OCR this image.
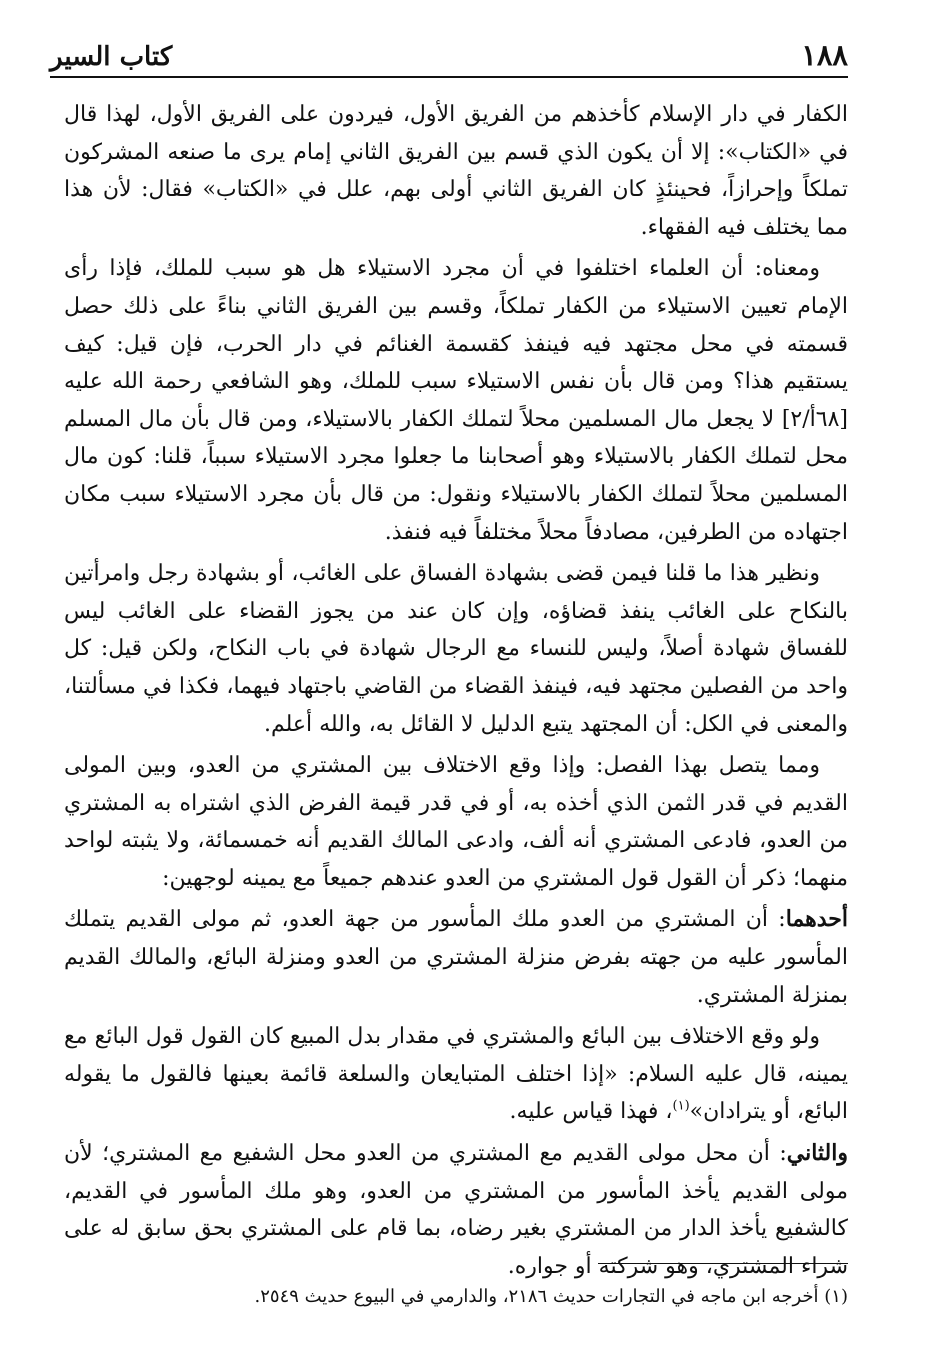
١٨٨
كتاب السير

الكفار في دار الإسلام كأخذهم من الفريق الأول، فيردون على الفريق الأول، لهذا قال في «الكتاب»: إلا أن يكون الذي قسم بين الفريق الثاني إمام يرى ما صنعه المشركون تملكاً وإحرازاً، فحينئذٍ كان الفريق الثاني أولى بهم، علل في «الكتاب» فقال: لأن هذا مما يختلف فيه الفقهاء.

ومعناه: أن العلماء اختلفوا في أن مجرد الاستيلاء هل هو سبب للملك، فإذا رأى الإمام تعيين الاستيلاء من الكفار تملكاً، وقسم بين الفريق الثاني بناءً على ذلك حصل قسمته في محل مجتهد فيه فينفذ كقسمة الغنائم في دار الحرب، فإن قيل: كيف يستقيم هذا؟ ومن قال بأن نفس الاستيلاء سبب للملك، وهو الشافعي رحمة الله عليه [٦٨أ/٢] لا يجعل مال المسلمين محلاً لتملك الكفار بالاستيلاء، ومن قال بأن مال المسلم محل لتملك الكفار بالاستيلاء وهو أصحابنا ما جعلوا مجرد الاستيلاء سبباً، قلنا: كون مال المسلمين محلاً لتملك الكفار بالاستيلاء ونقول: من قال بأن مجرد الاستيلاء سبب مكان اجتهاده من الطرفين، مصادفاً محلاً مختلفاً فيه فنفذ.

ونظير هذا ما قلنا فيمن قضى بشهادة الفساق على الغائب، أو بشهادة رجل وامرأتين بالنكاح على الغائب ينفذ قضاؤه، وإن كان عند من يجوز القضاء على الغائب ليس للفساق شهادة أصلاً، وليس للنساء مع الرجال شهادة في باب النكاح، ولكن قيل: كل واحد من الفصلين مجتهد فيه، فينفذ القضاء من القاضي باجتهاد فيهما، فكذا في مسألتنا، والمعنى في الكل: أن المجتهد يتبع الدليل لا القائل به، والله أعلم.

ومما يتصل بهذا الفصل: وإذا وقع الاختلاف بين المشتري من العدو، وبين المولى القديم في قدر الثمن الذي أخذه به، أو في قدر قيمة الفرض الذي اشتراه به المشتري من العدو، فادعى المشتري أنه ألف، وادعى المالك القديم أنه خمسمائة، ولا يثبته لواحد منهما؛ ذكر أن القول قول المشتري من العدو عندهم جميعاً مع يمينه لوجهين:

أحدهما: أن المشتري من العدو ملك المأسور من جهة العدو، ثم مولى القديم يتملك المأسور عليه من جهته بفرض منزلة المشتري من العدو ومنزلة البائع، والمالك القديم بمنزلة المشتري.

ولو وقع الاختلاف بين البائع والمشتري في مقدار بدل المبيع كان القول قول البائع مع يمينه، قال عليه السلام: «إذا اختلف المتبايعان والسلعة قائمة بعينها فالقول ما يقوله البائع، أو يترادان»$^{(١)}$، فهذا قياس عليه.

والثاني: أن محل مولى القديم مع المشتري من العدو محل الشفيع مع المشتري؛ لأن مولى القديم يأخذ المأسور من المشتري من العدو، وهو ملك المأسور في القديم، كالشفيع يأخذ الدار من المشتري بغير رضاه، بما قام على المشتري بحق سابق له على شراء المشتري، وهو شركته أو جواره.

(١) أخرجه ابن ماجه في التجارات حديث ٢١٨٦، والدارمي في البيوع حديث ٢٥٤٩.
